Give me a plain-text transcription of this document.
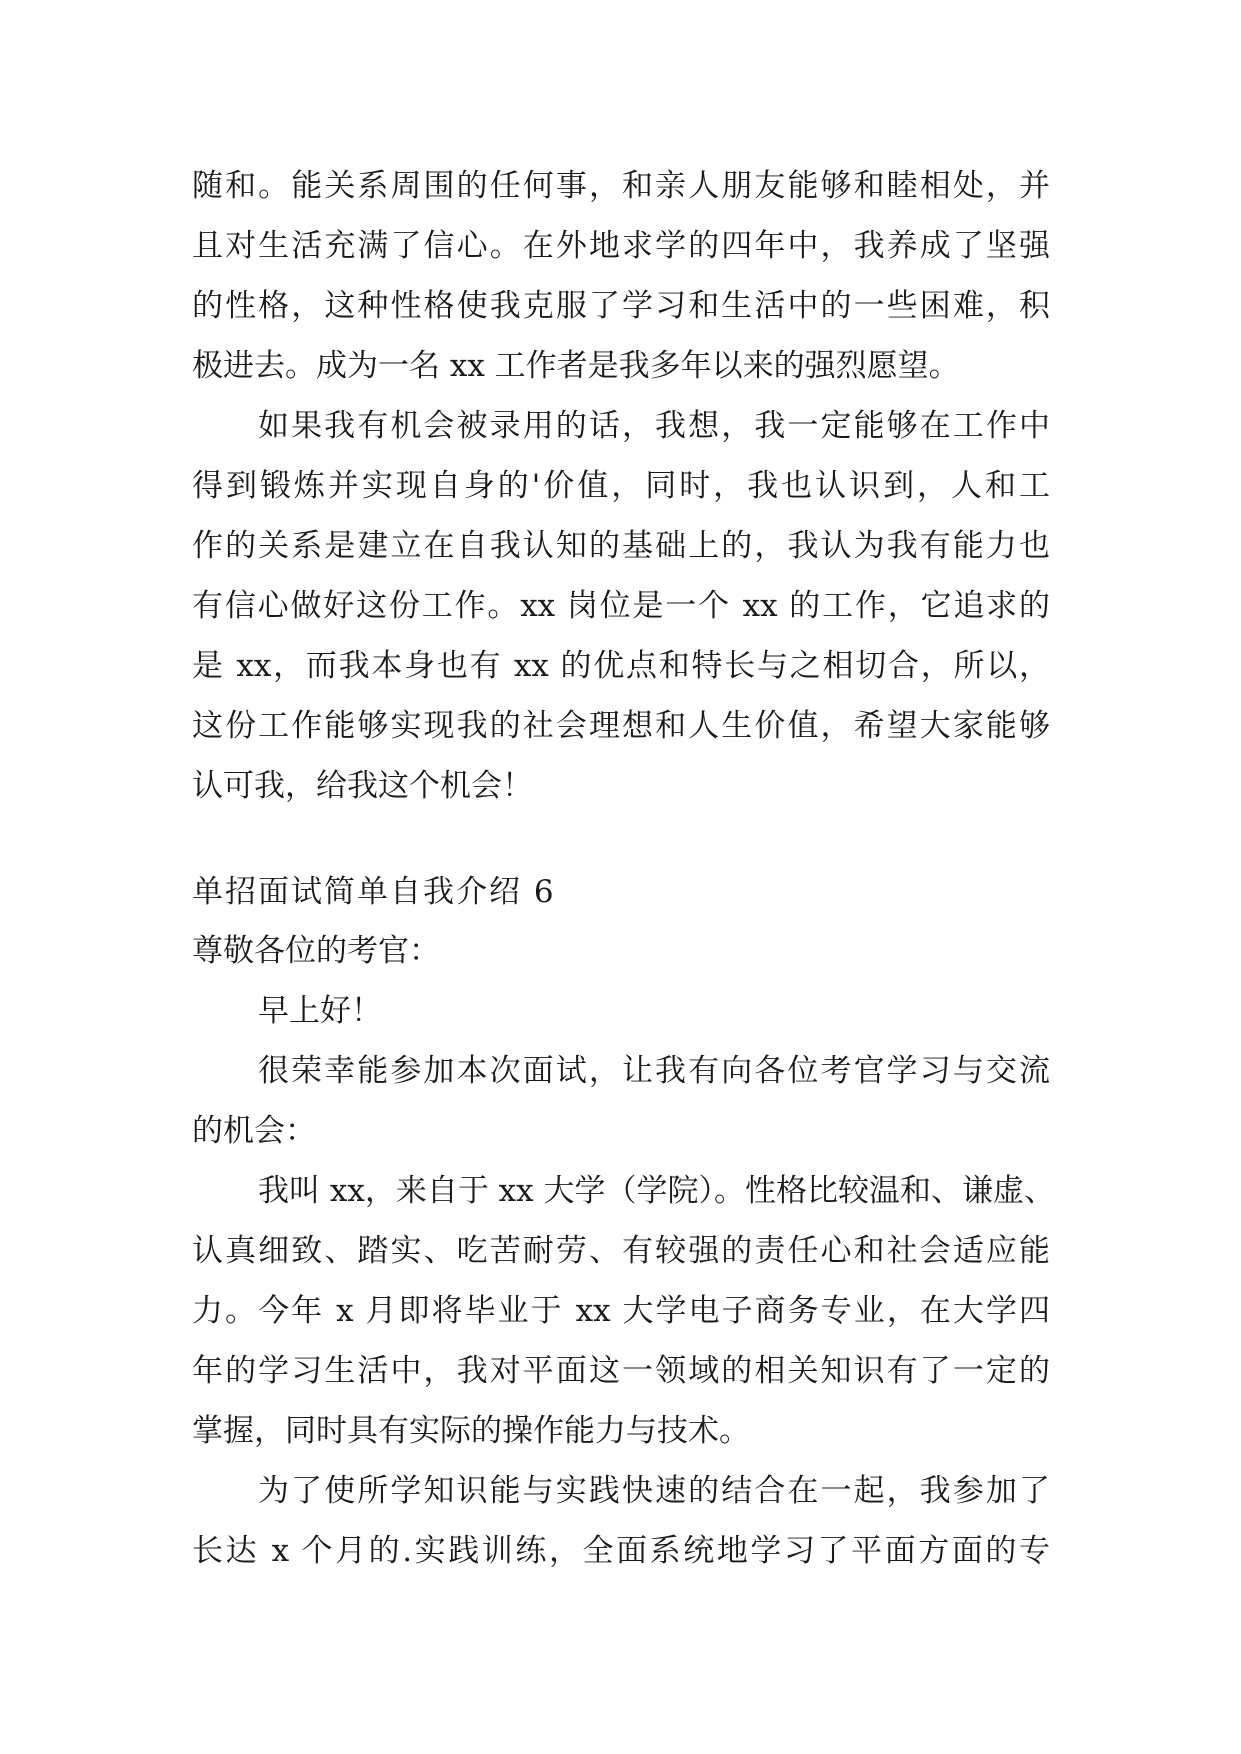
随和。能关系周围的任何事，和亲人朋友能够和睦相处，并

且对生活充满了信心。在外地求学的四年中，我养成了坚强

的性格，这种性格使我克服了学习和生活中的一些困难，积

极进去。成为一名 xx 工作者是我多年以来的强烈愿望。

如果我有机会被录用的话，我想，我一定能够在工作中

得到锻炼并实现自身的'价值，同时，我也认识到，人和工

作的关系是建立在自我认知的基础上的，我认为我有能力也

有信心做好这份工作。xx 岗位是一个 xx 的工作，它追求的

是 xx，而我本身也有 xx 的优点和特长与之相切合，所以，

这份工作能够实现我的社会理想和人生价值，希望大家能够

认可我，给我这个机会！

单招面试简单自我介绍 6

尊敬各位的考官：

早上好！

很荣幸能参加本次面试，让我有向各位考官学习与交流

的机会：

我叫 xx，来自于 xx 大学（学院）。性格比较温和、谦虚、

认真细致、踏实、吃苦耐劳、有较强的责任心和社会适应能

力。今年 x 月即将毕业于 xx 大学电子商务专业，在大学四

年的学习生活中，我对平面这一领域的相关知识有了一定的

掌握，同时具有实际的操作能力与技术。

为了使所学知识能与实践快速的结合在一起，我参加了

长达 x 个月的.实践训练，全面系统地学习了平面方面的专
